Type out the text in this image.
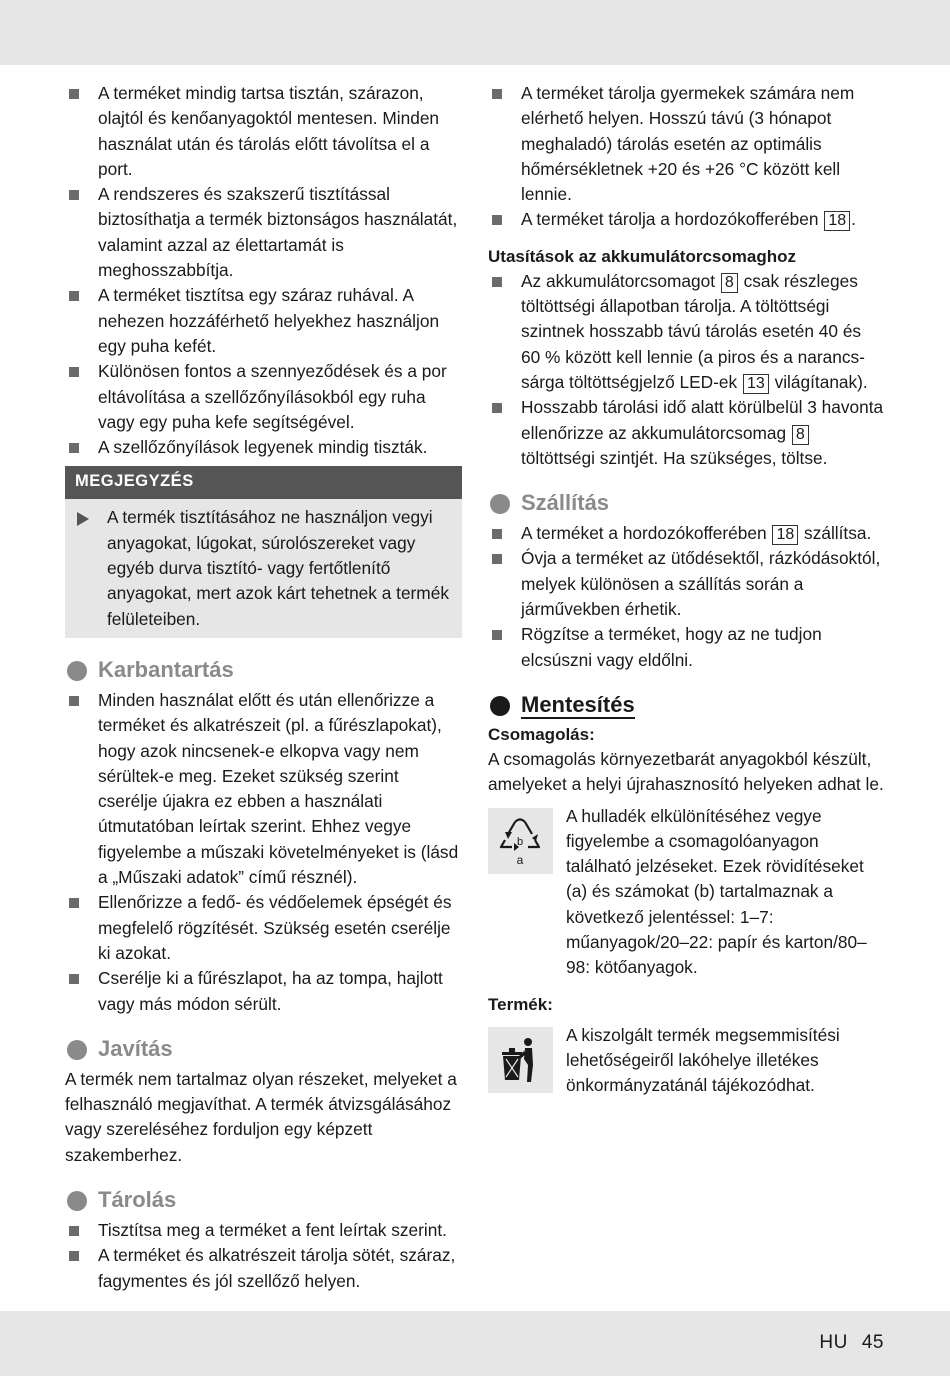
A terméket mindig tartsa tisztán, szárazon, olajtól és kenőanyagoktól mentesen. Minden használat után és tárolás előtt távolítsa el a port.
A rendszeres és szakszerű tisztítással biztosíthatja a termék biztonságos használatát, valamint azzal az élettartamát is meghosszabbítja.
A terméket tisztítsa egy száraz ruhával. A nehezen hozzáférhető helyekhez használjon egy puha kefét.
Különösen fontos a szennyeződések és a por eltávolítása a szellőzőnyílásokból egy ruha vagy egy puha kefe segítségével.
A szellőzőnyílások legyenek mindig tiszták.
MEGJEGYZÉS
A termék tisztításához ne használjon vegyi anyagokat, lúgokat, súrolószereket vagy egyéb durva tisztító- vagy fertőtlenítő anyagokat, mert azok kárt tehetnek a termék felületeiben.
Karbantartás
Minden használat előtt és után ellenőrizze a terméket és alkatrészeit (pl. a fűrészlapokat), hogy azok nincsenek-e elkopva vagy nem sérültek-e meg. Ezeket szükség szerint cserélje újakra ez ebben a használati útmutatóban leírtak szerint. Ehhez vegye figyelembe a műszaki követelményeket is (lásd a „Műszaki adatok” című résznél).
Ellenőrizze a fedő- és védőelemek épségét és megfelelő rögzítését. Szükség esetén cserélje ki azokat.
Cserélje ki a fűrészlapot, ha az tompa, hajlott vagy más módon sérült.
Javítás
A termék nem tartalmaz olyan részeket, melyeket a felhasználó megjavíthat. A termék átvizsgálásához vagy szereléséhez forduljon egy képzett szakemberhez.
Tárolás
Tisztítsa meg a terméket a fent leírtak szerint.
A terméket és alkatrészeit tárolja sötét, száraz, fagymentes és jól szellőző helyen.
A terméket tárolja gyermekek számára nem elérhető helyen. Hosszú távú (3 hónapot meghaladó) tárolás esetén az optimális hőmérsékletnek +20 és +26 °C között kell lennie.
A terméket tárolja a hordozókofferében 18 .
Utasítások az akkumulátorcsomaghoz
Az akkumulátorcsomagot 8 csak részleges töltöttségi állapotban tárolja. A töltöttségi szintnek hosszabb távú tárolás esetén 40 és 60 % között kell lennie (a piros és a narancs-sárga töltöttségjelző LED-ek 13 világítanak).
Hosszabb tárolási idő alatt körülbelül 3 havonta ellenőrizze az akkumulátorcsomag 8 töltöttségi szintjét. Ha szükséges, töltse.
Szállítás
A terméket a hordozókofferében 18 szállítsa.
Óvja a terméket az ütődésektől, rázkódásoktól, melyek különösen a szállítás során a járművekben érhetik.
Rögzítse a terméket, hogy az ne tudjon elcsúszni vagy eldőlni.
Mentesítés
Csomagolás:
A csomagolás környezetbarát anyagokból készült, amelyeket a helyi újrahasznosító helyeken adhat le.
b
a
A hulladék elkülönítéséhez vegye figyelembe a csomagolóanyagon található jelzéseket. Ezek rövidítéseket (a) és számokat (b) tartalmaznak a következő jelentéssel: 1–7: műanyagok/20–22: papír és karton/80–98: kötőanyagok.
Termék:
A kiszolgált termék megsemmisítési lehetőségeiről lakóhelye illetékes önkormányzatánál tájékozódhat.
HU 45
